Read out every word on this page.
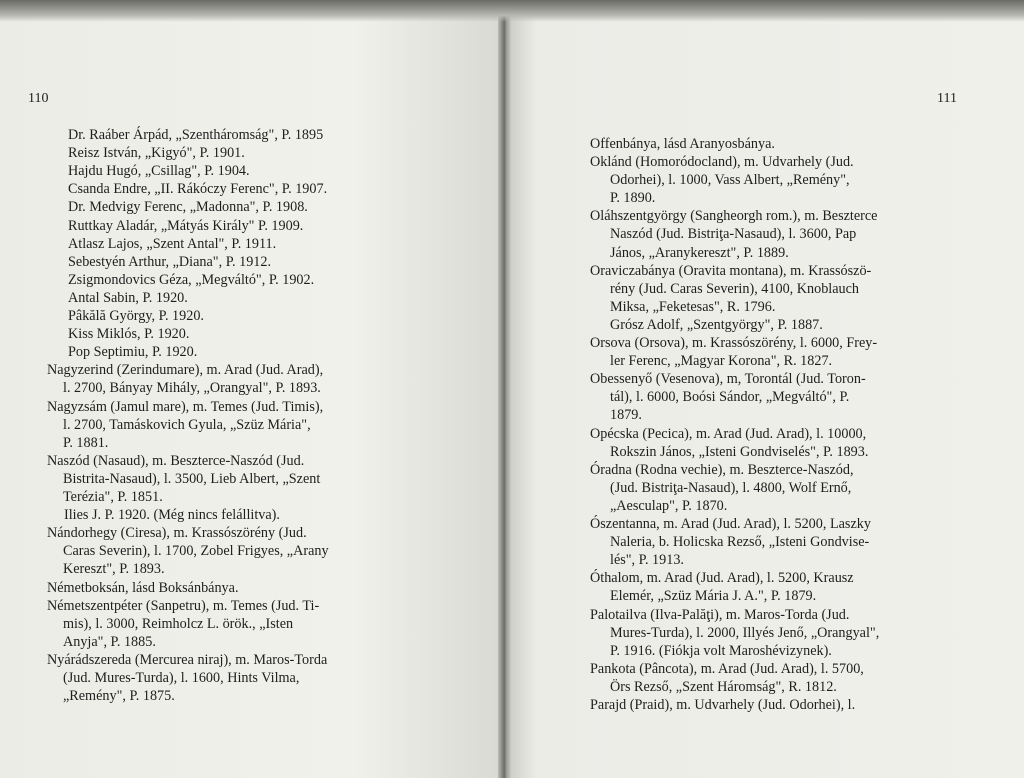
110	111

Dr. Raáber Árpád, „Szentháromság", P. 1895

Reisz István, „Kigyó", P. 1901.

Hajdu Hugó, „Csillag", P. 1904.

Csanda Endre, „II. Rákóczy Ferenc", P. 1907.

Dr. Medvigy Ferenc, „Madonna", P. 1908.

Ruttkay Aladár, „Mátyás Király" P. 1909.

Atlasz Lajos, „Szent Antal", P. 1911.

Sebestyén Arthur, „Diana", P. 1912.

Zsigmondovics Géza, „Megváltó", P. 1902.

Antal Sabin, P. 1920.

Pâkălă György, P. 1920.

Kiss Miklós, P. 1920.

Pop Septimiu, P. 1920.

Nagyzerind (Zerindumare), m. Arad (Jud. Arad),
l. 2700, Bányay Mihály, „Orangyal", P. 1893.

Nagyzsám (Jamul mare), m. Temes (Jud. Timis),
l. 2700, Tamáskovich Gyula, „Szüz Mária",
P. 1881.

Naszód (Nasaud), m. Beszterce-Naszód (Jud.
Bistrita-Nasaud), l. 3500, Lieb Albert, „Szent
Terézia", P. 1851.

Ilies J. P. 1920. (Még nincs felállitva).

Nándorhegy (Ciresa), m. Krassószörény (Jud.
Caras Severin), l. 1700, Zobel Frigyes, „Arany
Kereszt", P. 1893.

Németboksán, lásd Boksánbánya.

Németszentpéter (Sanpetru), m. Temes (Jud. Ti-
mis), l. 3000, Reimholcz L. örök., „Isten
Anyja", P. 1885.

Nyárádszereda (Mercurea niraj), m. Maros-Torda
(Jud. Mures-Turda), l. 1600, Hints Vilma,
„Remény", P. 1875.

Offenbánya, lásd Aranyosbánya.

Oklánd (Homoródocland), m. Udvarhely (Jud.
Odorhei), l. 1000, Vass Albert, „Remény",
P. 1890.

Oláhszentgyörgy (Sangheorgh rom.), m. Beszterce
Naszód (Jud. Bistriţa-Nasaud), l. 3600, Pap
János, „Aranykereszt", P. 1889.

Oraviczabánya (Oravita montana), m. Krassószö-
rény (Jud. Caras Severin), 4100, Knoblauch
Miksa, „Feketesas", R. 1796.

Grósz Adolf, „Szentgyörgy", P. 1887.

Orsova (Orsova), m. Krassószörény, l. 6000, Frey-
ler Ferenc, „Magyar Korona", R. 1827.

Obessenyő (Vesenova), m, Torontál (Jud. Toron-
tál), l. 6000, Boósi Sándor, „Megváltó", P.
1879.

Opécska (Pecica), m. Arad (Jud. Arad), l. 10000,
Rokszin János, „Isteni Gondviselés", P. 1893.

Óradna (Rodna vechie), m. Beszterce-Naszód,
(Jud. Bistriţa-Nasaud), l. 4800, Wolf Ernő,
„Aesculap", P. 1870.

Ószentanna, m. Arad (Jud. Arad), l. 5200, Laszky
Naleria, b. Holicska Rezső, „Isteni Gondvise-
lés", P. 1913.

Óthalom, m. Arad (Jud. Arad), l. 5200, Krausz
Elemér, „Szüz Mária J. A.", P. 1879.

Palotailva (Ilva-Palăţi), m. Maros-Torda (Jud.
Mures-Turda), l. 2000, Illyés Jenő, „Orangyal",
P. 1916. (Fiókja volt Maroshévizynek).

Pankota (Pâncota), m. Arad (Jud. Arad), l. 5700,
Örs Rezső, „Szent Háromság", R. 1812.

Parajd (Praid), m. Udvarhely (Jud. Odorhei), l.
